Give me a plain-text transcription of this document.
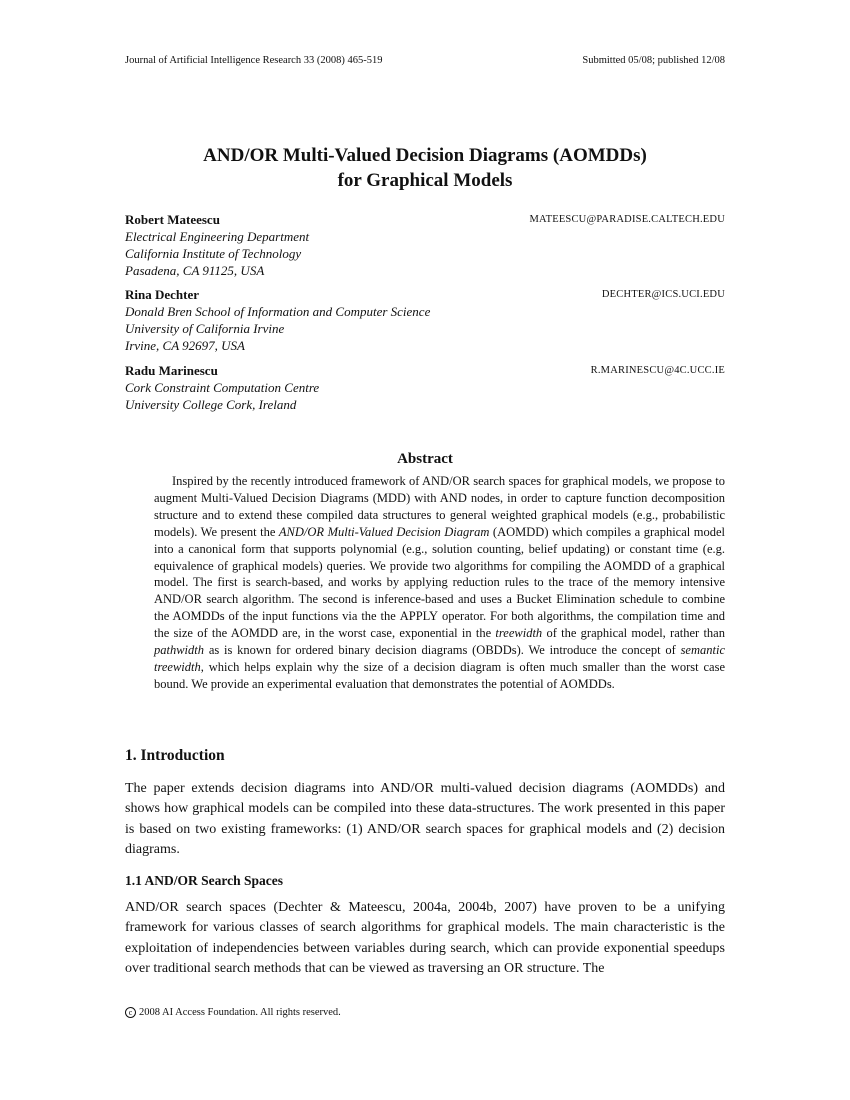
Journal of Artificial Intelligence Research 33 (2008) 465-519	Submitted 05/08; published 12/08
AND/OR Multi-Valued Decision Diagrams (AOMDDs)
for Graphical Models
Robert Mateescu	MATEESCU@PARADISE.CALTECH.EDU
Electrical Engineering Department
California Institute of Technology
Pasadena, CA 91125, USA
Rina Dechter	DECHTER@ICS.UCI.EDU
Donald Bren School of Information and Computer Science
University of California Irvine
Irvine, CA 92697, USA
Radu Marinescu	R.MARINESCU@4C.UCC.IE
Cork Constraint Computation Centre
University College Cork, Ireland
Abstract

Inspired by the recently introduced framework of AND/OR search spaces for graphical models, we propose to augment Multi-Valued Decision Diagrams (MDD) with AND nodes, in order to capture function decomposition structure and to extend these compiled data structures to general weighted graphical models (e.g., probabilistic models). We present the AND/OR Multi-Valued Decision Diagram (AOMDD) which compiles a graphical model into a canonical form that supports polynomial (e.g., solution counting, belief updating) or constant time (e.g. equivalence of graphical models) queries. We provide two algorithms for compiling the AOMDD of a graphical model. The first is search-based, and works by applying reduction rules to the trace of the memory intensive AND/OR search algorithm. The second is inference-based and uses a Bucket Elimination schedule to combine the AOMDDs of the input functions via the the APPLY operator. For both algorithms, the compilation time and the size of the AOMDD are, in the worst case, exponential in the treewidth of the graphical model, rather than pathwidth as is known for ordered binary decision diagrams (OBDDs). We introduce the concept of semantic treewidth, which helps explain why the size of a decision diagram is often much smaller than the worst case bound. We provide an experimental evaluation that demonstrates the potential of AOMDDs.

1. Introduction

The paper extends decision diagrams into AND/OR multi-valued decision diagrams (AOMDDs) and shows how graphical models can be compiled into these data-structures. The work presented in this paper is based on two existing frameworks: (1) AND/OR search spaces for graphical models and (2) decision diagrams.

1.1 AND/OR Search Spaces

AND/OR search spaces (Dechter & Mateescu, 2004a, 2004b, 2007) have proven to be a unifying framework for various classes of search algorithms for graphical models. The main characteristic is the exploitation of independencies between variables during search, which can provide exponential speedups over traditional search methods that can be viewed as traversing an OR structure. The

c 2008 AI Access Foundation. All rights reserved.
